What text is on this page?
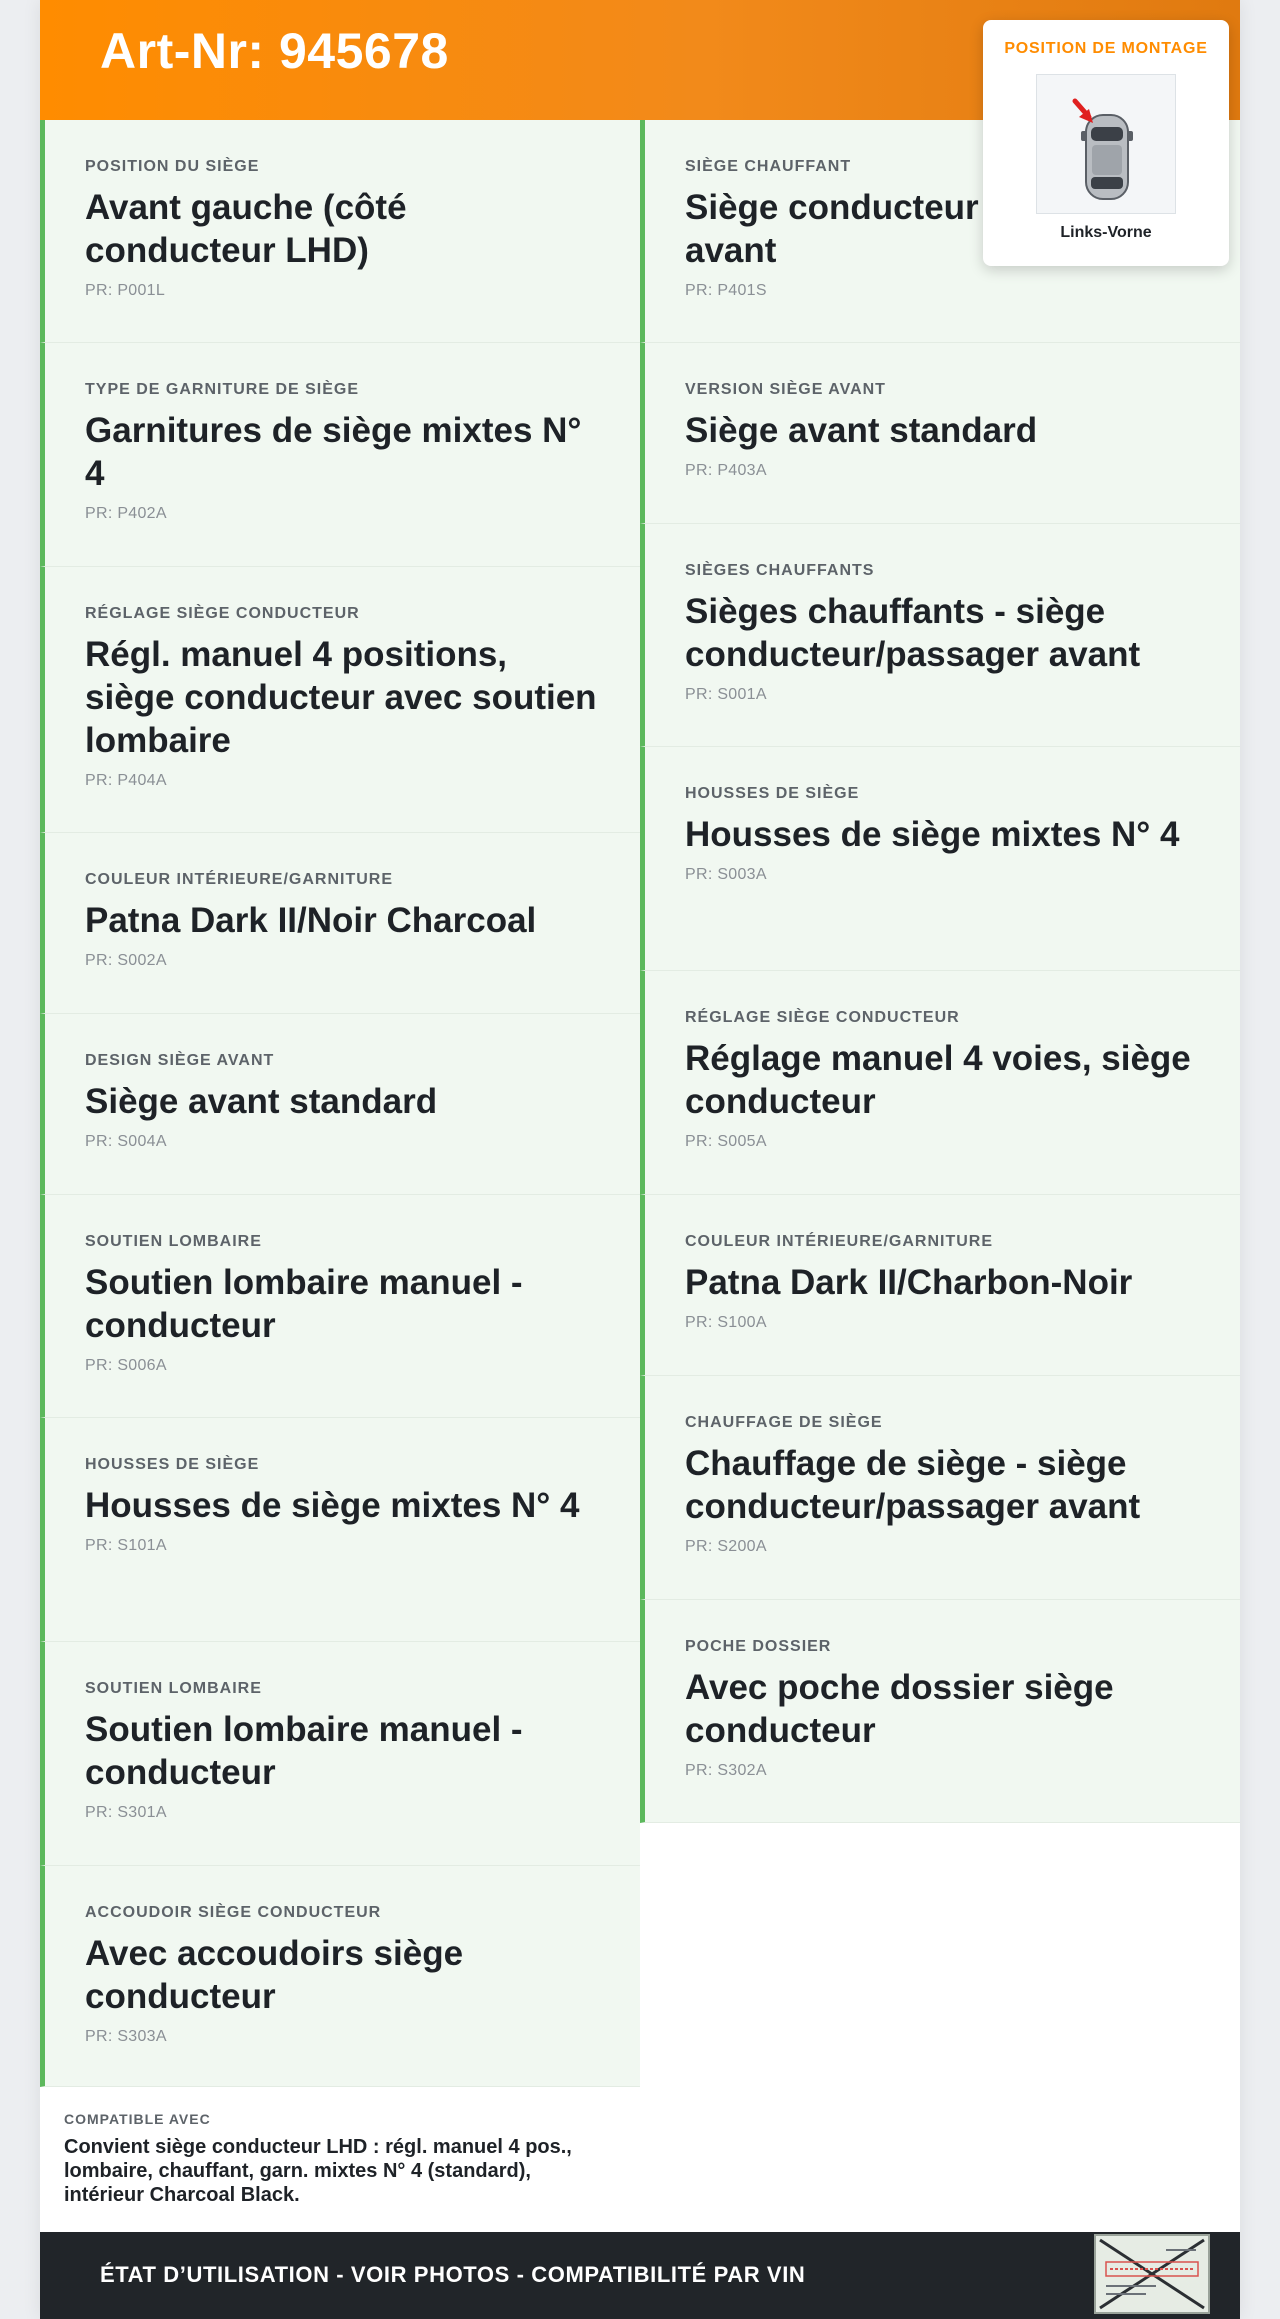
Art-Nr: 945678
POSITION DU SIÈGE
Avant gauche (côté conducteur LHD)
PR: P001L
TYPE DE GARNITURE DE SIÈGE
Garnitures de siège mixtes N° 4
PR: P402A
RÉGLAGE SIÈGE CONDUCTEUR
Régl. manuel 4 positions, siège conducteur avec soutien lombaire
PR: P404A
COULEUR INTÉRIEURE/GARNITURE
Patna Dark II/Noir Charcoal
PR: S002A
DESIGN SIÈGE AVANT
Siège avant standard
PR: S004A
SOUTIEN LOMBAIRE
Soutien lombaire manuel - conducteur
PR: S006A
HOUSSES DE SIÈGE
Housses de siège mixtes N° 4
PR: S101A
SOUTIEN LOMBAIRE
Soutien lombaire manuel - conducteur
PR: S301A
ACCOUDOIR SIÈGE CONDUCTEUR
Avec accoudoirs siège conducteur
PR: S303A
SIÈGE CHAUFFANT
Siège conducteur avant
PR: P401S
VERSION SIÈGE AVANT
Siège avant standard
PR: P403A
SIÈGES CHAUFFANTS
Sièges chauffants - siège conducteur/passager avant
PR: S001A
HOUSSES DE SIÈGE
Housses de siège mixtes N° 4
PR: S003A
RÉGLAGE SIÈGE CONDUCTEUR
Réglage manuel 4 voies, siège conducteur
PR: S005A
COULEUR INTÉRIEURE/GARNITURE
Patna Dark II/Charbon-Noir
PR: S100A
CHAUFFAGE DE SIÈGE
Chauffage de siège - siège conducteur/passager avant
PR: S200A
POCHE DOSSIER
Avec poche dossier siège conducteur
PR: S302A
COMPATIBLE AVEC
Convient siège conducteur LHD : régl. manuel 4 pos., lombaire, chauffant, garn. mixtes N° 4 (standard), intérieur Charcoal Black.
ÉTAT D’UTILISATION - VOIR PHOTOS - COMPATIBILITÉ PAR VIN
POSITION DE MONTAGE
Links-Vorne
